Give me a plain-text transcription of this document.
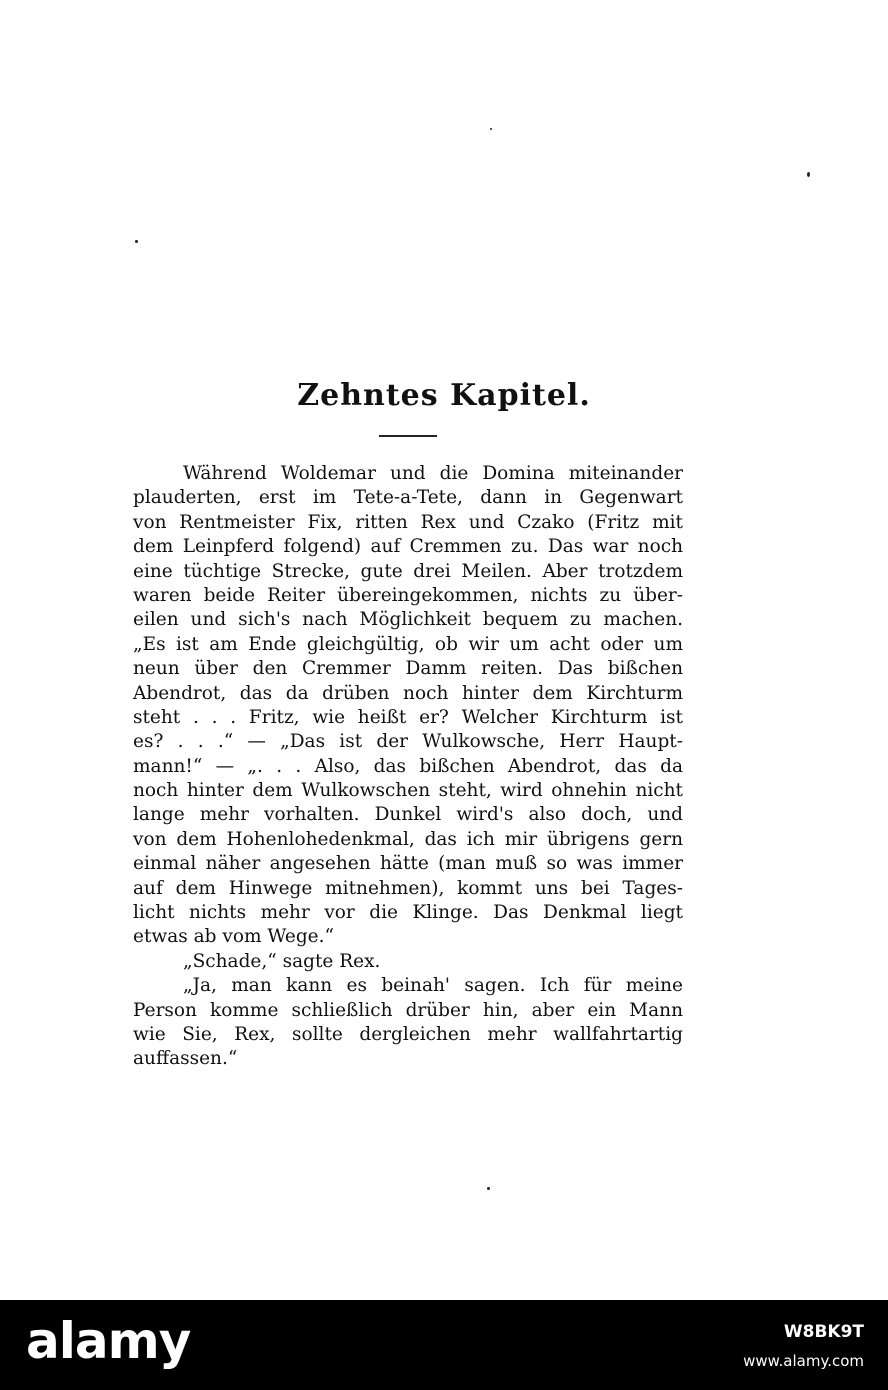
Zehntes Kapitel.
Während Woldemar und die Domina miteinander
plauderten, erst im Tete-a-Tete, dann in Gegenwart
von Rentmeister Fix, ritten Rex und Czako (Fritz mit
dem Leinpferd folgend) auf Cremmen zu. Das war noch
eine tüchtige Strecke, gute drei Meilen. Aber trotzdem
waren beide Reiter übereingekommen, nichts zu über-
eilen und sich's nach Möglichkeit bequem zu machen.
„Es ist am Ende gleichgültig, ob wir um acht oder um
neun über den Cremmer Damm reiten. Das bißchen
Abendrot, das da drüben noch hinter dem Kirchturm
steht . . . Fritz, wie heißt er? Welcher Kirchturm ist
es? . . .“ — „Das ist der Wulkowsche, Herr Haupt-
mann!“ — „. . . Also, das bißchen Abendrot, das da
noch hinter dem Wulkowschen steht, wird ohnehin nicht
lange mehr vorhalten. Dunkel wird's also doch, und
von dem Hohenlohedenkmal, das ich mir übrigens gern
einmal näher angesehen hätte (man muß so was immer
auf dem Hinwege mitnehmen), kommt uns bei Tages-
licht nichts mehr vor die Klinge. Das Denkmal liegt
etwas ab vom Wege.“
„Schade,“ sagte Rex.
„Ja, man kann es beinah' sagen. Ich für meine
Person komme schließlich drüber hin, aber ein Mann
wie Sie, Rex, sollte dergleichen mehr wallfahrtartig
auffassen.“
alamy	W8BK9T
www.alamy.com
